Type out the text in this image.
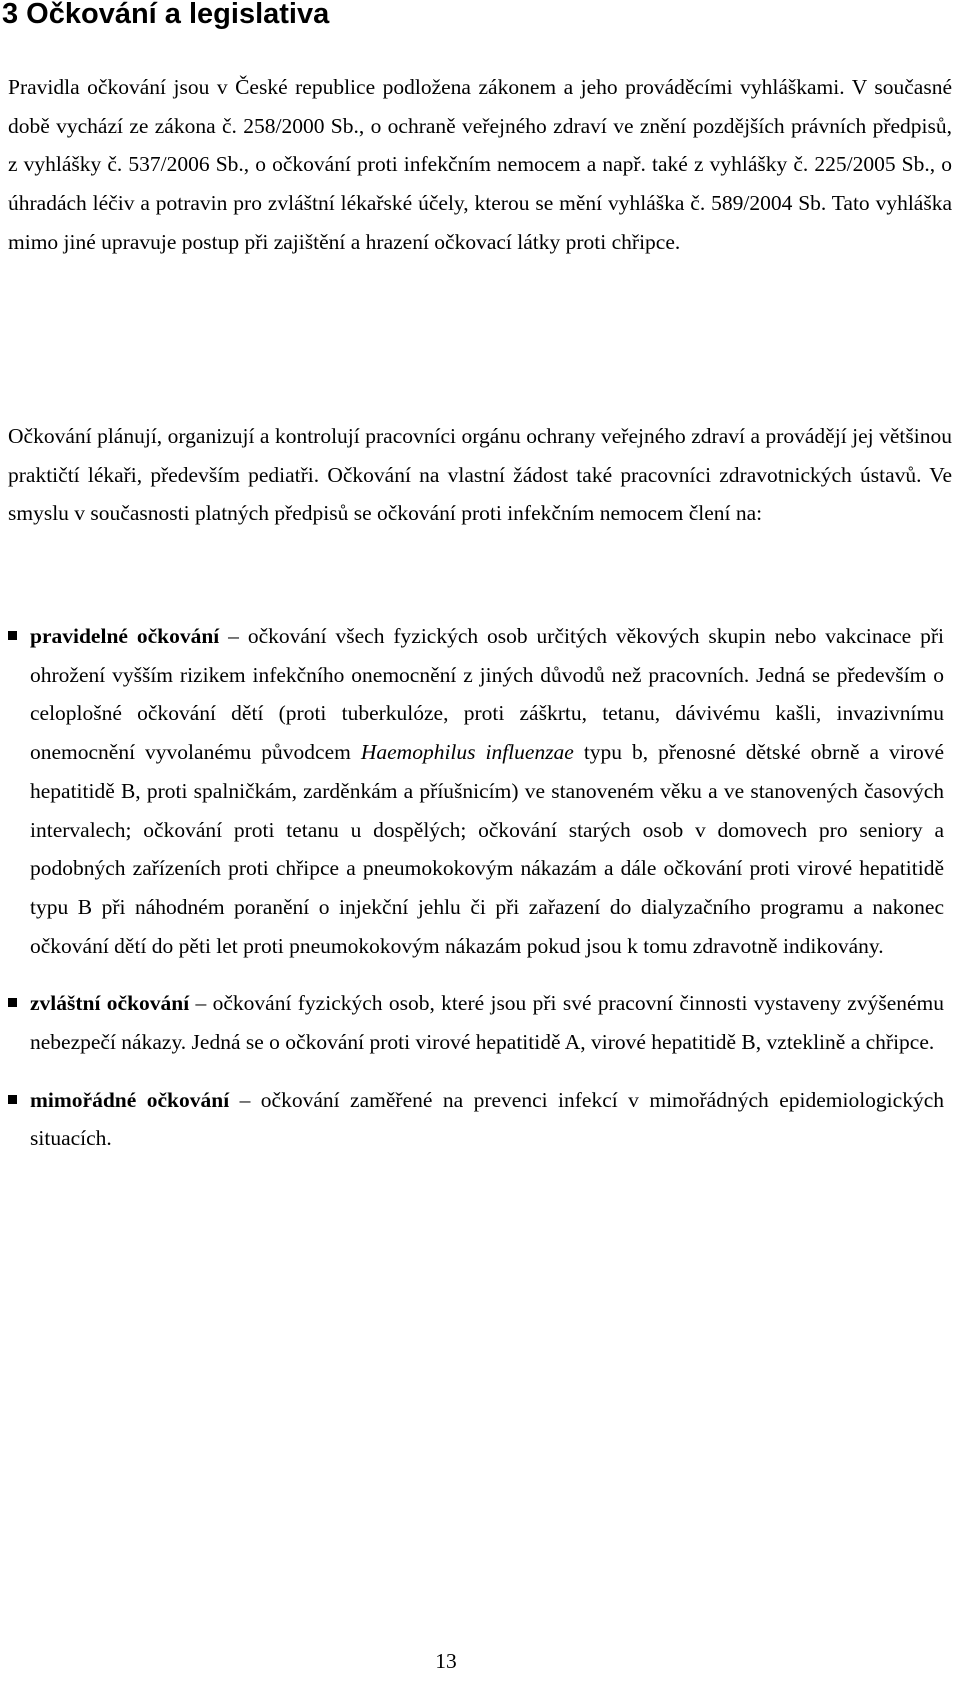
3 Očkování a legislativa

Pravidla očkování jsou v České republice podložena zákonem a jeho prováděcími vyhláškami. V současné době vychází ze zákona č. 258/2000 Sb., o ochraně veřejného zdraví ve znění pozdějších právních předpisů, z vyhlášky č. 537/2006 Sb., o očkování proti infekčním nemocem a např. také z vyhlášky č. 225/2005 Sb., o úhradách léčiv a potravin pro zvláštní lékařské účely, kterou se mění vyhláška č. 589/2004 Sb. Tato vyhláška mimo jiné upravuje postup při zajištění a hrazení očkovací látky proti chřipce.

Očkování plánují, organizují a kontrolují pracovníci orgánu ochrany veřejného zdraví a provádějí jej většinou praktičtí lékaři, především pediatři. Očkování na vlastní žádost také pracovníci zdravotnických ústavů. Ve smyslu v současnosti platných předpisů se očkování proti infekčním nemocem člení na:

pravidelné očkování – očkování všech fyzických osob určitých věkových skupin nebo vakcinace při ohrožení vyšším rizikem infekčního onemocnění z jiných důvodů než pracovních. Jedná se především o celoplošné očkování dětí (proti tuberkulóze, proti záškrtu, tetanu, dávivému kašli, invazivnímu onemocnění vyvolanému původcem Haemophilus influenzae typu b, přenosné dětské obrně a virové hepatitidě B, proti spalničkám, zarděnkám a příušnicím) ve stanoveném věku a ve stanovených časových intervalech; očkování proti tetanu u dospělých; očkování starých osob v domovech pro seniory a podobných zařízeních proti chřipce a pneumokokovým nákazám a dále očkování proti virové hepatitidě typu B při náhodném poranění o injekční jehlu či při zařazení do dialyzačního programu a nakonec očkování dětí do pěti let proti pneumokokovým nákazám pokud jsou k tomu zdravotně indikovány.
zvláštní očkování – očkování fyzických osob, které jsou při své pracovní činnosti vystaveny zvýšenému nebezpečí nákazy. Jedná se o očkování proti virové hepatitidě A, virové hepatitidě B, vzteklině a chřipce.
mimořádné očkování – očkování zaměřené na prevenci infekcí v mimořádných epidemiologických situacích.
13
